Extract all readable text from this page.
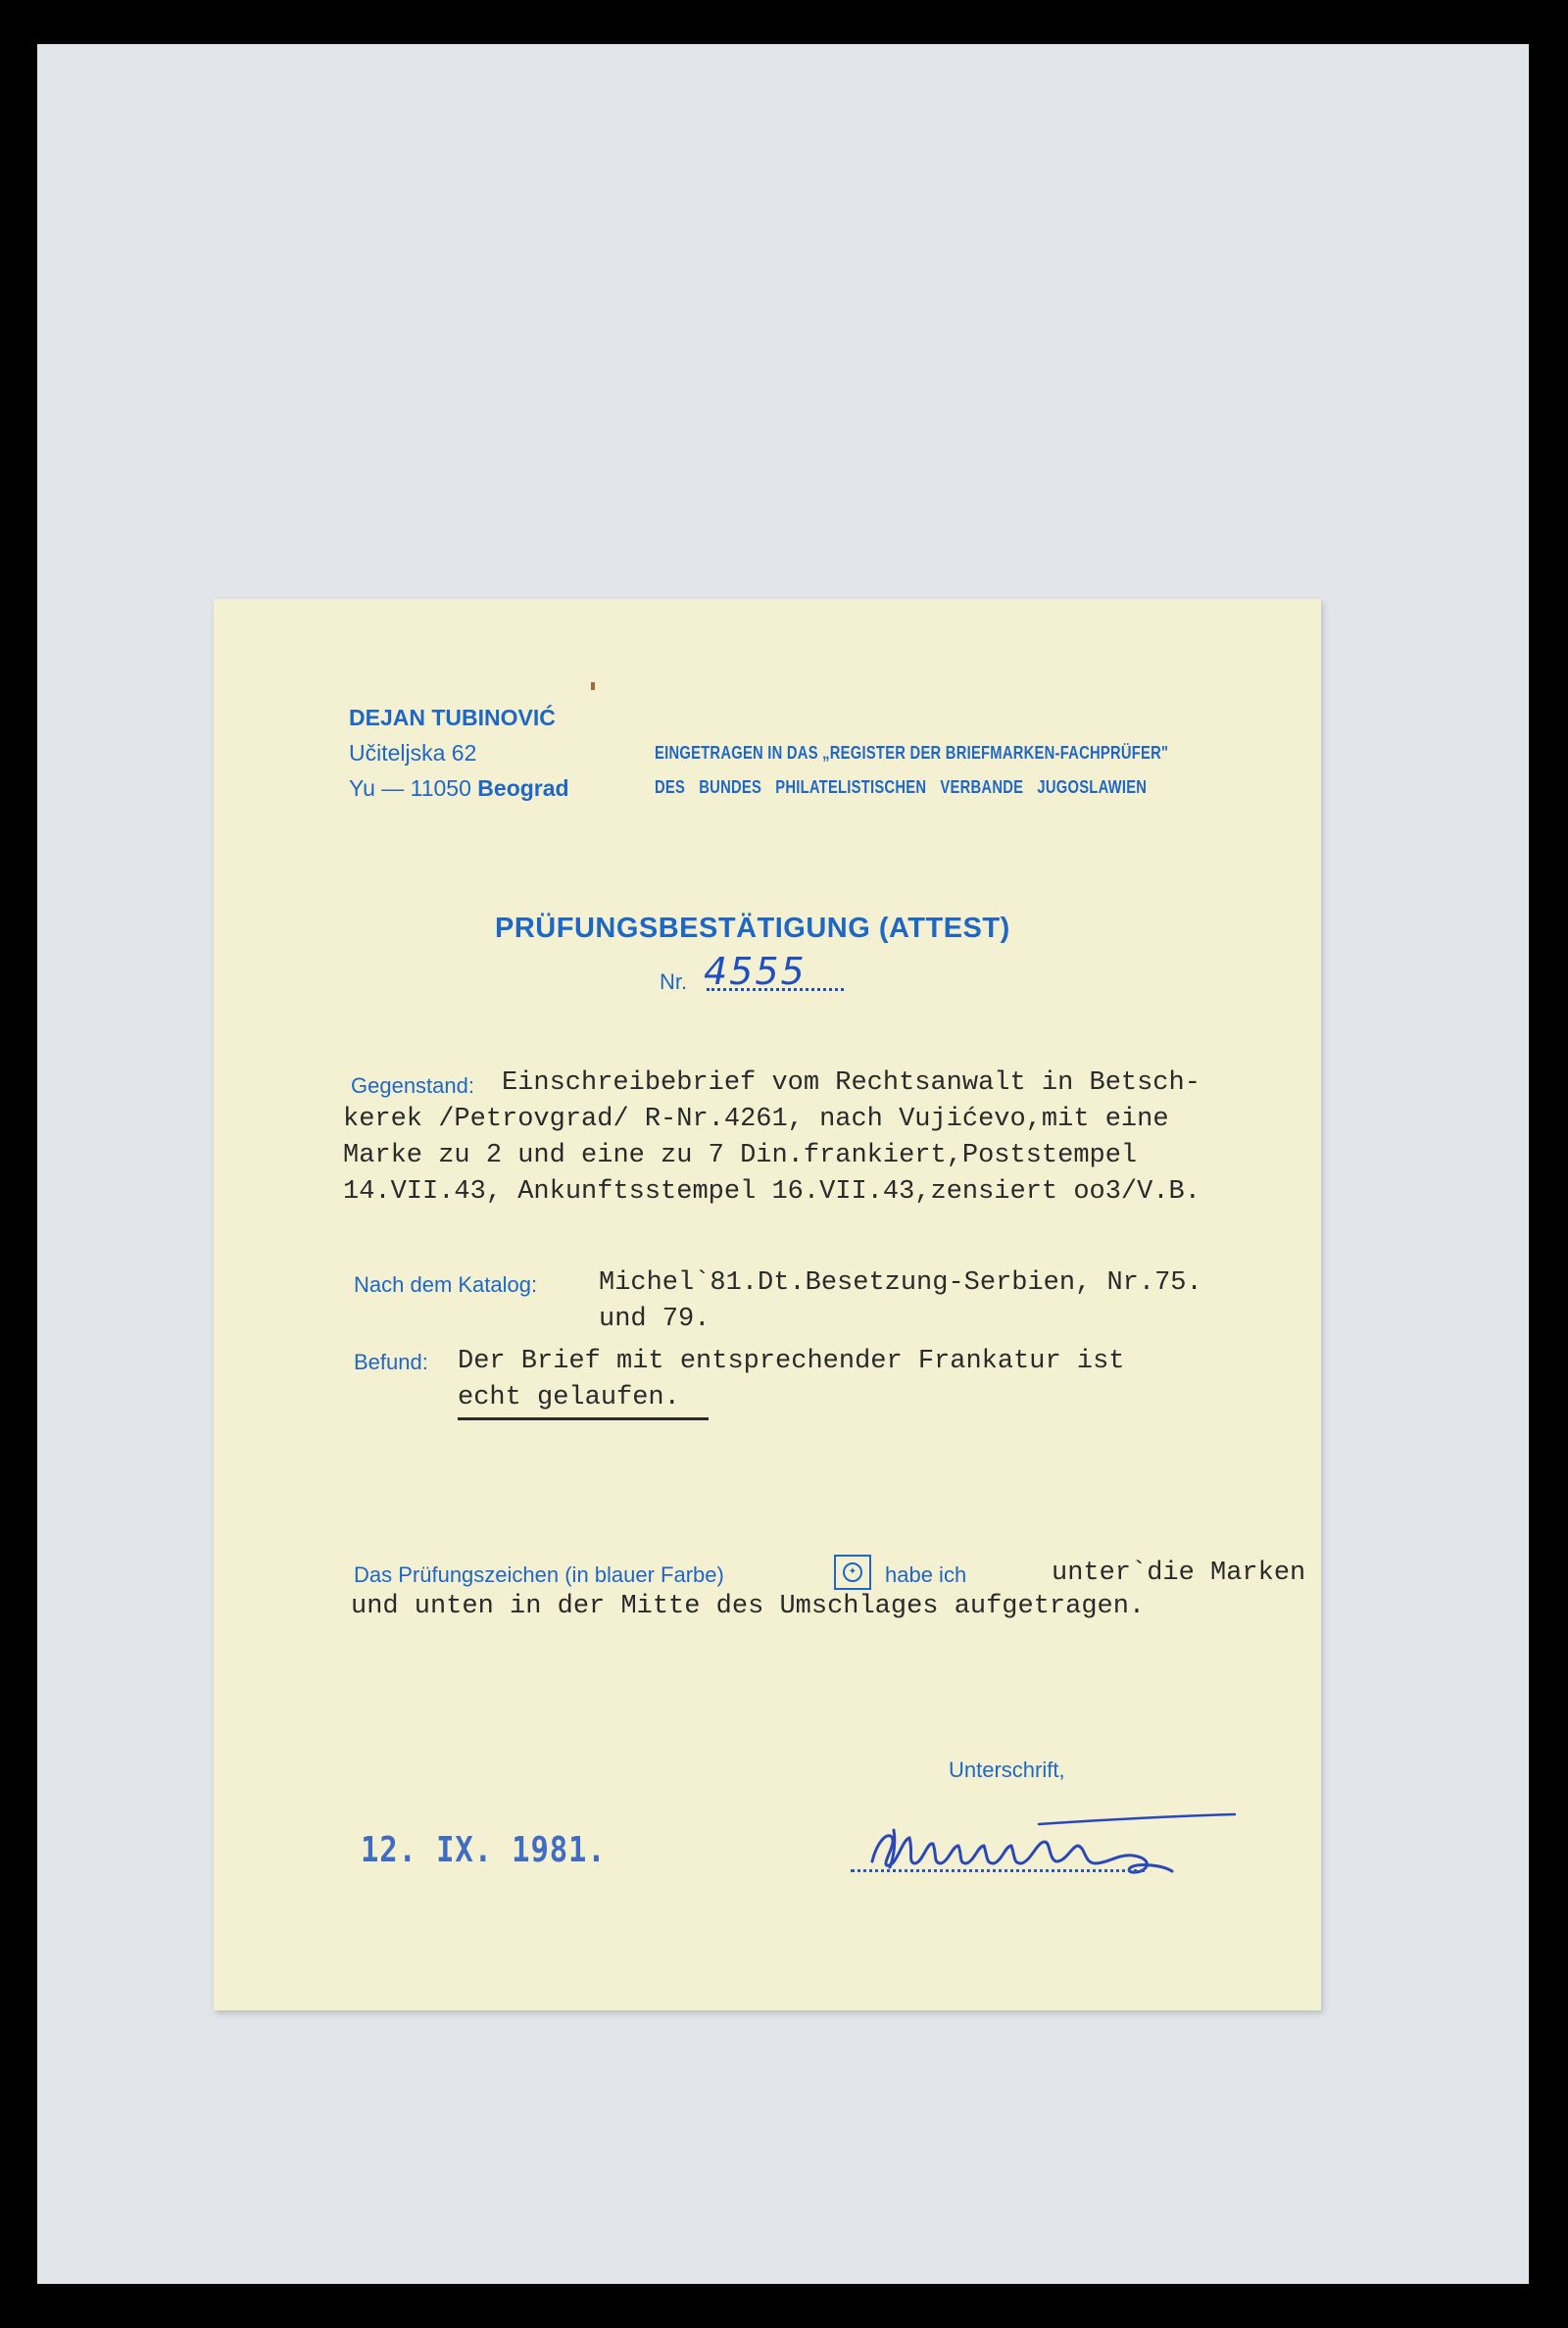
DEJAN TUBINOVIĆ

Učiteljska 62

Yu — 11050 Beograd

EINGETRAGEN IN DAS „REGISTER DER BRIEFMARKEN-FACHPRÜFER"

DES BUNDES PHILATELISTISCHEN VERBANDE JUGOSLAWIEN

PRÜFUNGSBESTÄTIGUNG (ATTEST)

Nr. 4555

Gegenstand: Einschreibebrief vom Rechtsanwalt in Betsch-

kerek /Petrovgrad/ R-Nr.4261, nach Vujićevo,mit eine

Marke zu 2 und eine zu 7 Din.frankiert,Poststempel

14.VII.43, Ankunftsstempel 16.VII.43,zensiert oo3/V.B.

Nach dem Katalog: Michel`81.Dt.Besetzung-Serbien, Nr.75.

und 79.

Befund: Der Brief mit entsprechender Frankatur ist

echt gelaufen.

Das Prüfungszeichen (in blauer Farbe)	✦ habe ich	unter`die Marken

und unten in der Mitte des Umschlages aufgetragen.

Unterschrift,

12. IX. 1981.
